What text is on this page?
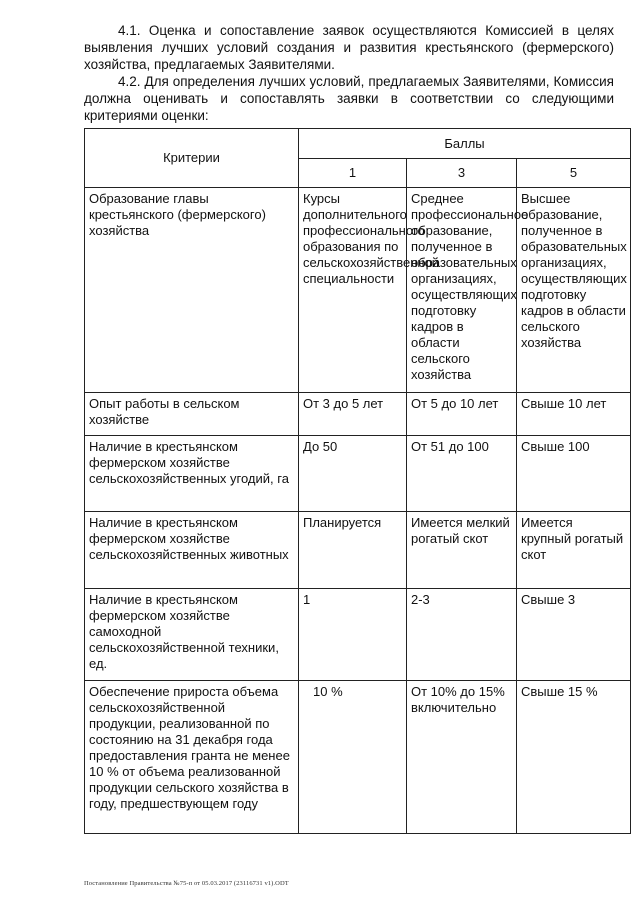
4.1. Оценка и сопоставление заявок осуществляются Комиссией в целях выявления лучших условий создания и развития крестьянского (фермерского) хозяйства, предлагаемых Заявителями.
4.2. Для определения лучших условий, предлагаемых Заявителями, Комиссия должна оценивать и сопоставлять заявки в соответствии со следующими критериями оценки:
Критерии	Баллы		
	1	3	5
Образование главы крестьянского (фермерского) хозяйства	Курсы дополнительного профессионального образования по сельскохозяйственной специальности	Среднее профессиональное образование, полученное в образовательных организациях, осуществляющих подготовку кадров в области сельского хозяйства	Высшее образование, полученное в образовательных организациях, осуществляющих подготовку кадров в области сельского хозяйства
Опыт работы в сельском хозяйстве	От 3 до 5 лет	От 5 до 10 лет	Свыше 10 лет
Наличие в крестьянском фермерском хозяйстве сельскохозяйственных угодий, га	До 50	От 51 до 100	Свыше 100
Наличие в крестьянском фермерском хозяйстве сельскохозяйственных животных	Планируется	Имеется мелкий рогатый скот	Имеется крупный рогатый скот
Наличие в крестьянском фермерском хозяйстве самоходной сельскохозяйственной техники, ед.	1	2-3	Свыше 3
Обеспечение прироста объема сельскохозяйственной продукции, реализованной по состоянию на 31 декабря года предоставления гранта не менее 10 % от объема реализованной продукции сельского хозяйства в году, предшествующем году	10 %	От 10% до 15% включительно	Свыше 15 %
Постановление Правительства №75-п от 05.03.2017 (23116731 v1).ODT
